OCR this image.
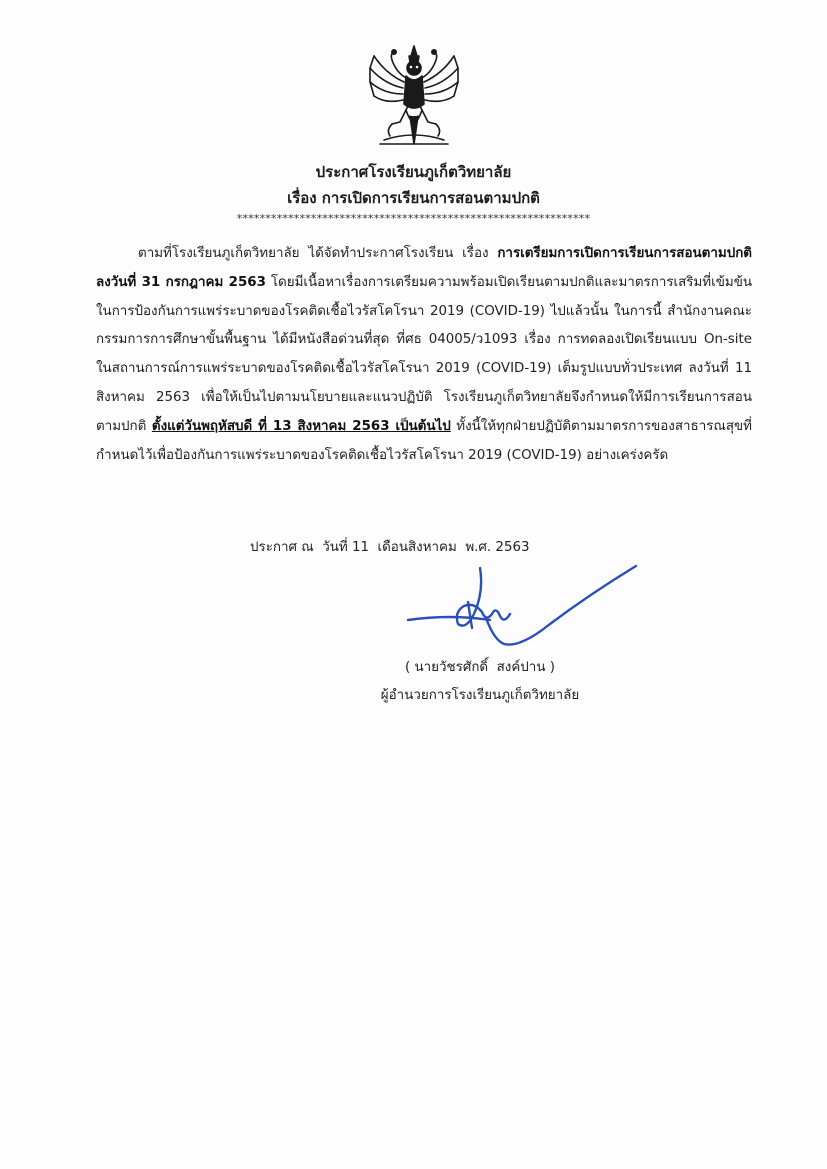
ประกาศโรงเรียนภูเก็ตวิทยาลัย
เรื่อง การเปิดการเรียนการสอนตามปกติ
**************************************************************
ตามที่โรงเรียนภูเก็ตวิทยาลัย ได้จัดทำประกาศโรงเรียน เรื่อง การเตรียมการเปิดการเรียนการสอนตามปกติ ลงวันที่ 31 กรกฎาคม 2563 โดยมีเนื้อหาเรื่องการเตรียมความพร้อมเปิดเรียนตามปกติและมาตรการเสริมที่เข้มข้นในการป้องกันการแพร่ระบาดของโรคติดเชื้อไวรัสโคโรนา 2019 (COVID-19) ไปแล้วนั้น ในการนี้ สำนักงานคณะกรรมการการศึกษาขั้นพื้นฐาน ได้มีหนังสือด่วนที่สุด ที่ศธ 04005/ว1093 เรื่อง การทดลองเปิดเรียนแบบ On-site ในสถานการณ์การแพร่ระบาดของโรคติดเชื้อไวรัสโคโรนา 2019 (COVID-19) เต็มรูปแบบทั่วประเทศ ลงวันที่ 11 สิงหาคม 2563 เพื่อให้เป็นไปตามนโยบายและแนวปฏิบัติ โรงเรียนภูเก็ตวิทยาลัยจึงกำหนดให้มีการเรียนการสอนตามปกติ ตั้งแต่วันพฤหัสบดี ที่ 13 สิงหาคม 2563 เป็นต้นไป ทั้งนี้ให้ทุกฝ่ายปฏิบัติตามมาตรการของสาธารณสุขที่กำหนดไว้เพื่อป้องกันการแพร่ระบาดของโรคติดเชื้อไวรัสโคโรนา 2019 (COVID-19) อย่างเคร่งครัด
ประกาศ ณ  วันที่ 11  เดือนสิงหาคม  พ.ศ. 2563
( นายวัชรศักดิ์  สงค์ปาน )
ผู้อำนวยการโรงเรียนภูเก็ตวิทยาลัย
